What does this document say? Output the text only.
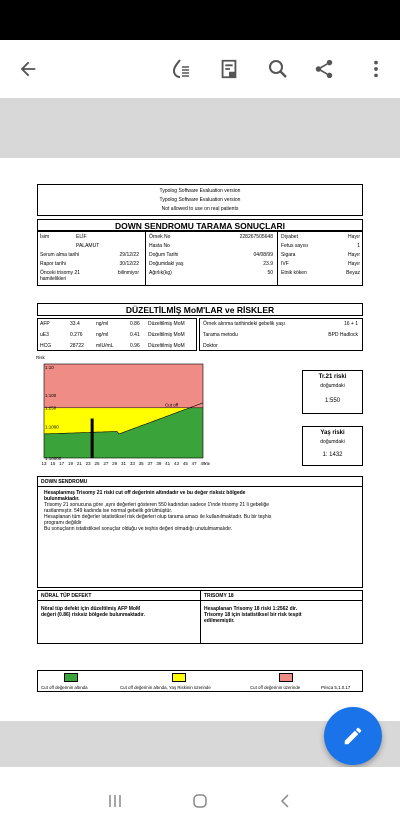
Typolog Software Evaluation version
Typolog Software Evaluation version
Not allowed to use on real patients
DOWN SENDROMU TARAMA SONUÇLARI
İsim	ELİF
PALAMUT
Serum alma tarihi	29/12/22
Rapor tarihi	30/12/22
Önceki trisomy 21 hamilelikleri
bilinmiyor
Örnek No	228267505648
Hasta No
Doğum Tarihi	04/08/99
Doğumdaki yaş	23.9
Ağırlık(kg)	50
Diyabet	Hayır
Fetus sayısı	1
Sigara	Hayır
IVF	Hayır
Etnik köken	Beyaz
DÜZELTİLMİŞ MoM'LAR ve RİSKLER
AFP	33.4	ng/ml	0.86 Düzeltilmiş MoM
uE3	0.276	ng/ml	0.41 Düzeltilmiş MoM
HCG	28722 mIU/mL	0.96 Düzeltilmiş MoM
Örnek alınma tarihindeki gebelik yaşı	16 + 1
Tarama metodu	BPD Hadlock
Doktor
Cut off
Risk
1:10
1:100
1:250
1:1000
1:10000
13 15 17 19 21 23 25 27 29 31 33 35 37 39 41 43 45 47 49
Ya
Tr.21 riski
doğumdaki
1:550
Yaş riski
doğumdaki
1: 1432
DOWN SENDROMU
Hesaplanmış Trisomy 21 riski cut off değerinin altındadır ve bu değer risksiz bölgede
bulunmaktadır.
Trisomy 21 sonucuna göre ,aynı değerleri gösteren 550 kadından sadece 1'inde trisomy 21 li gebeliğe
rastlanmıştır. 549 kadında ise normal gebelik görülmüştür.
Hesaplanan tüm değerler istatistiksel risk değerleri olup tarama amacı ile kullanılmaktadır. Bu bir teşhis
programı değildir
Bu sonuçların istatistiksel sonuçlar olduğu ve teşhis değeri olmadığı unutulmamalıdır.
NÖRAL TÜP DEFEKT
Nöral tüp defekt için düzeltilmiş AFP MoM
değeri (0.86) risksiz bölgede bulunmaktadır.
TRISOMY 18
Hesaplanan Trisomy 18 riski 1:2562 dir.
Trisomy 18 için istatistiksel bir risk tespit
edilmemiştir.
Cut off değerinin altında	Cut off değerinin altında, Yaş Riskinin üzerinde	Cut off değerinin üzerinde	Prisca 5.1.0.17
